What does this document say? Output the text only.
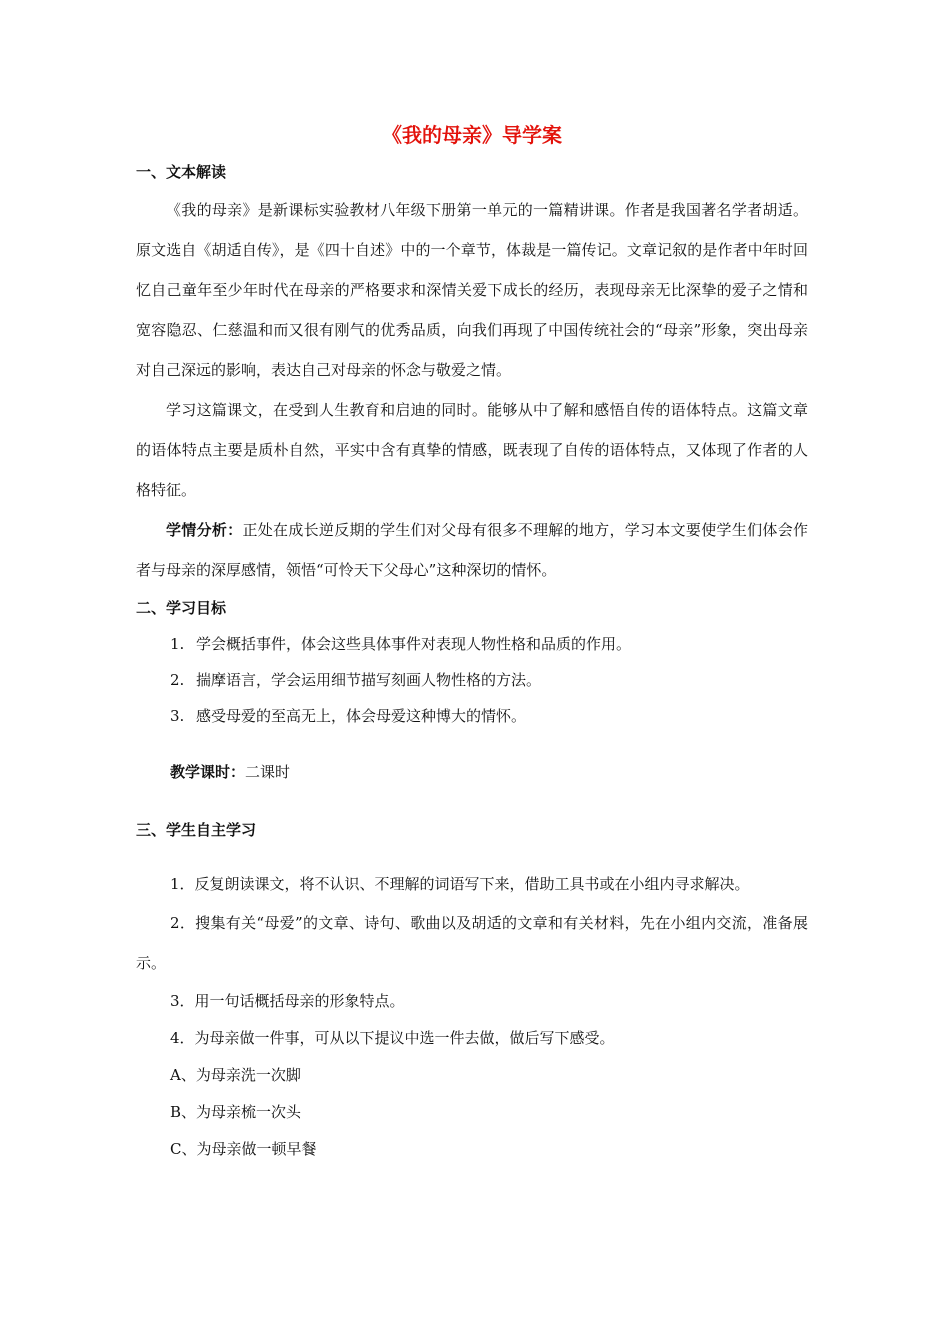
《我的母亲》导学案

一、文本解读

《我的母亲》是新课标实验教材八年级下册第一单元的一篇精讲课。作者是我国著名学者胡适。原文选自《胡适自传》，是《四十自述》中的一个章节，体裁是一篇传记。文章记叙的是作者中年时回忆自己童年至少年时代在母亲的严格要求和深情关爱下成长的经历，表现母亲无比深挚的爱子之情和宽容隐忍、仁慈温和而又很有刚气的优秀品质，向我们再现了中国传统社会的“母亲”形象，突出母亲对自己深远的影响，表达自己对母亲的怀念与敬爱之情。

学习这篇课文，在受到人生教育和启迪的同时。能够从中了解和感悟自传的语体特点。这篇文章的语体特点主要是质朴自然，平实中含有真挚的情感，既表现了自传的语体特点，又体现了作者的人格特征。

学情分析：正处在成长逆反期的学生们对父母有很多不理解的地方，学习本文要使学生们体会作者与母亲的深厚感情，领悟“可怜天下父母心”这种深切的情怀。

二、学习目标

1. 学会概括事件，体会这些具体事件对表现人物性格和品质的作用。

2. 揣摩语言，学会运用细节描写刻画人物性格的方法。

3. 感受母爱的至高无上，体会母爱这种博大的情怀。

教学课时：二课时

三、学生自主学习

1．反复朗读课文，将不认识、不理解的词语写下来，借助工具书或在小组内寻求解决。

2．搜集有关“母爱”的文章、诗句、歌曲以及胡适的文章和有关材料，先在小组内交流，准备展示。

3．用一句话概括母亲的形象特点。

4．为母亲做一件事，可从以下提议中选一件去做，做后写下感受。

A、为母亲洗一次脚

B、为母亲梳一次头

C、为母亲做一顿早餐
